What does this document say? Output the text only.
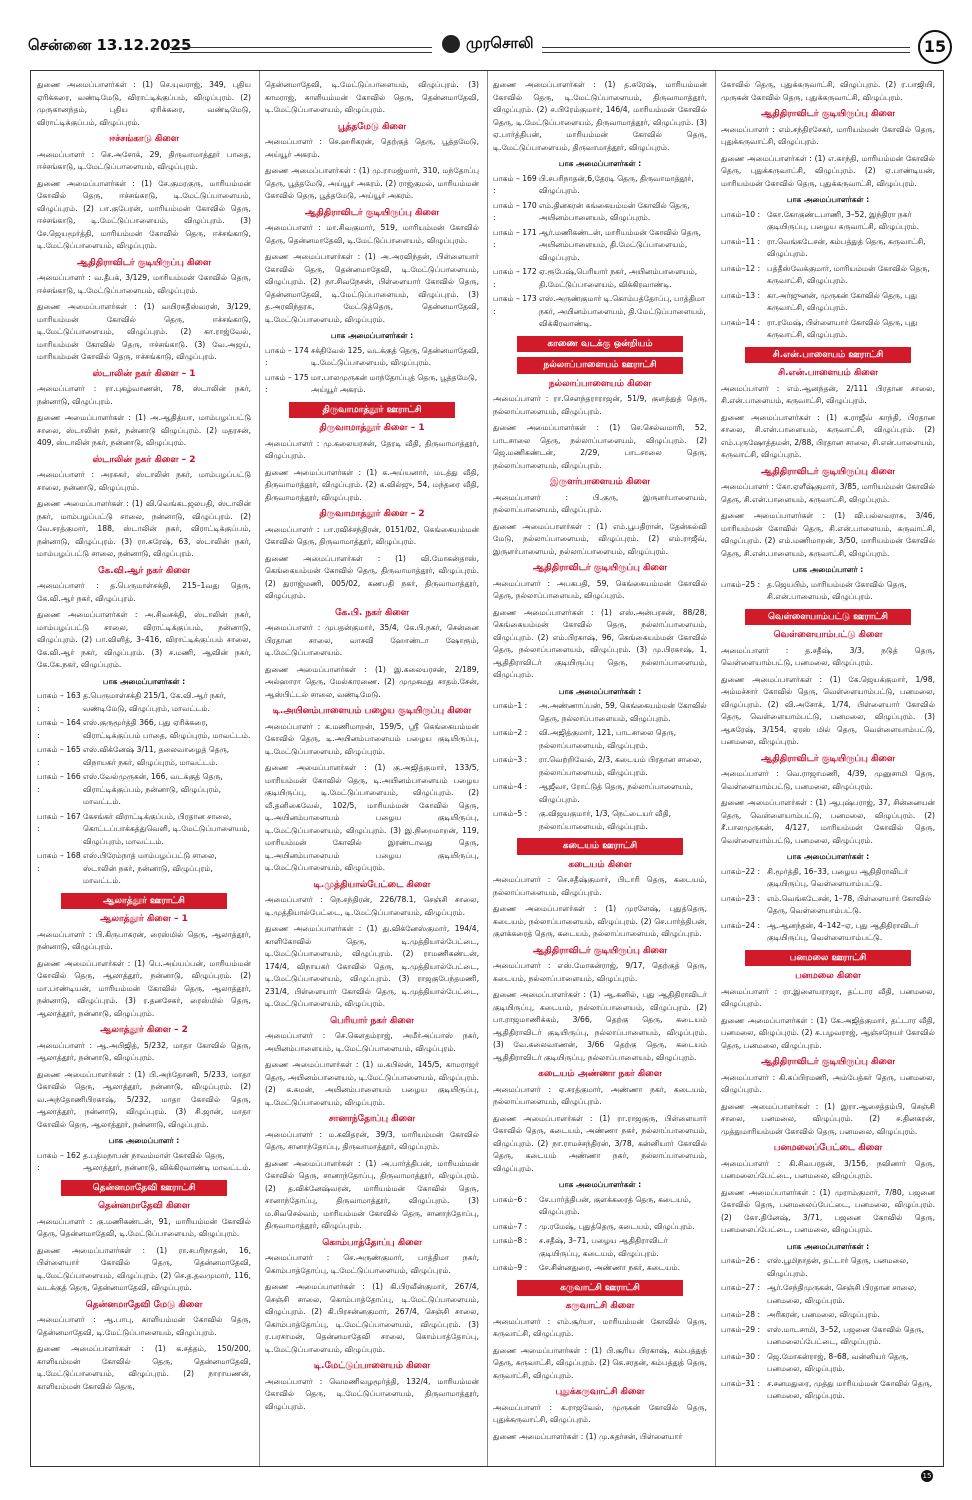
சென்னை 13.12.2025	முரசொலி	15

துணை அமைப்பாளர்கள் : (1) செ.யுவராஜ், 349, புதிய ஏரிக்கரை, வண்டிமேடு, விராட்டிக்குப்பம், விழுப்புரம். (2) முருகானந்தம், புதிய ஏரிக்கரை, வண்டிமேடு, விராட்டிக்குப்பம், விழுப்புரம்.

ஈச்சங்காடு கிளை

அமைப்பாளர் : செ.அசோக், 29, திருவாமாத்தூர் பாதை, ஈச்சங்காடு, டி.மேட்டுப்பாளையம், விழுப்புரம்.

துணை அமைப்பாளர்கள் : (1) சே.குமரகுரு, மாரியம்மன் கோவில் தெரு, ஈச்சங்காடு, டி.மேட்டுப்பாளையம், விழுப்புரம். (2) பா.குபேரன், மாரியம்மன் கோவில் தெரு, ஈச்சங்காடு, டி.மேட்டுப்பாளையம், விழுப்புரம். (3) சே.ஜெயமூர்த்தி, மாரியம்மன் கோவில் தெரு, ஈச்சங்காடு, டி.மேட்டுப்பாளையம், விழுப்புரம்.

ஆதிதிராவிடர் குடியிருப்பு கிளை

அமைப்பாளர் : வ.தீபக், 3/129, மாரியம்மன் கோவில் தெரு, ஈச்சங்காடு, டி.மேட்டுப்பாளையம், விழுப்புரம்.

துணை அமைப்பாளர்கள் : (1) வயிரசுதீஸ்வரன், 3/129, மாரியம்மன் கோவில் தெரு, ஈச்சங்காடு, டி.மேட்டுப்பாளையம், விழுப்புரம். (2) கா.ராஜ்வேல், மாரியம்மன் கோவில் தெரு, ஈச்சங்காடு. (3) வே.அஜய், மாரியம்மன் கோவில் தெரு, ஈச்சங்காடு, விழுப்புரம்.

ஸ்டாலின் நகர் கிளை – 1

அமைப்பாளர் : ரா.புகழ்வாணன், 78, ஸ்டாலின் நகர், நன்னாடு, விழுப்புரம்.

துணை அமைப்பாளர்கள் : (1) அ.ஆதித்யா, மாம்பழப்பட்டு சாலை, ஸ்டாலின் நகர், நன்னாடு விழுப்புரம். (2) மதரசன், 409, ஸ்டாலின் நகர், நன்னாடு, விழுப்புரம்.

ஸ்டாலின் நகர் கிளை – 2

அமைப்பாளர் : அரசுகர், ஸ்டாலின் நகர், மாம்பழப்பட்டு சாலை, நன்னாடு, விழுப்புரம்.

துணை அமைப்பாளர்கள் : (1) வி.வெங்கடஜலபதி, ஸ்டாலின் நகர், மாம்பழப்பட்டு சாலை, நன்னாடு, விழுப்புரம். (2) வே.சரத்குமார், 188, ஸ்டாலின் நகர், விராட்டிக்குப்பம், நன்னாடு, விழுப்புரம். (3) ரா.சுரேஷ், 63, ஸ்டாலின் நகர், மாம்பழப்பட்டு சாலை, நன்னாடு, விழுப்புரம்.

கே.வி.ஆர் நகர் கிளை

அமைப்பாளர் : த.பெருமாள்சக்தி, 215–1வது தெரு, கே.வி.ஆர் நகர், விழுப்புரம்.

துணை அமைப்பாளர்கள் : அ.சிவசக்தி, ஸ்டாலின் நகர், மாம்பழப்பட்டு சாலை, விராட்டிக்குப்பம், நன்னாடு, விழுப்புரம். (2) பா.விளித், 3–416, விராட்டிக்குப்பம் சாலை, கே.வி.ஆர் நகர், விழுப்புரம். (3) ச.மணி, ஆவின் நகர், கே.கே.நகர், விழுப்புரம்.

பாக அமைப்பாளர்கள் :
பாகம் – 163 :
த.பெருமாள்சக்தி 215/1, கே.வி.ஆர் நகர், வண்டிமேடு, விழுப்புரம், மாவட்டம்.
பாகம் – 164 :
எஸ்.குருமூர்த்தி 366, புது ஏரிக்கரை, விராட்டிக்குப்பம் பாதை, விழுப்புரம், மாவட்டம்.
பாகம் – 165 :
எஸ்.விக்னேஷ் 3/11, தலைவாழைத் தெரு, விநாயகர் நகர், விழுப்புரம், மாவட்டம்.
பாகம் – 166 :
எஸ்.வேல்முருகன், 166, வடக்குத் தெரு, விராட்டிக்குப்பம், நன்னாடு, விழுப்புரம், மாவட்டம்.
பாகம் – 167 :
கேசங்கர் விராட்டிக்குப்பம், பிரதான சாலை, கொட்டப்பாக்கத்துவெளி, டி.மேட்டுப்பாளையம், விழுப்புரம், மாவட்டம்.
பாகம் – 168 :
எஸ்.பிரேம்நாத் மாம்பழப்பட்டு சாலை, ஸ்டாலின் நகர், நன்னாடு, விழுப்புரம், மாவட்டம்.
ஆலாத்தூர் ஊராட்சி
ஆலாத்தூர் கிளை – 1

அமைப்பாளர் : பி.கிருபாகரன், ரைஸ்மில் தெரு, ஆலாத்தூர், நன்னாடு, விழுப்புரம்.

துணை அமைப்பாளர்கள் : (1) பெ.அய்யப்பன், மாரியம்மன் கோவில் தெரு, ஆலாத்தூர், நன்னாடு, விழுப்புரம். (2) மா.பாண்டியன், மாரியம்மன் கோவில் தெரு, ஆலாத்தூர், நன்னாடு, விழுப்புரம். (3) ர.தனசேகர், ரைஸ்மில் தெரு, ஆலாத்தூர், நன்னாடு, விழுப்புரம்.

ஆலாத்தூர் கிளை – 2

அமைப்பாளர் : ஆ.அபிஜித், 5/232, மாதா கோவில் தெரு, ஆலாத்தூர், நன்னாடு, விழுப்புரம்.

துணை அமைப்பாளர்கள் : (1) பி.அந்தோணி, 5/233, மாதா கோவில் தெரு, ஆலாத்தூர், நன்னாடு, விழுப்புரம். (2) வ.அந்தோணிபிரகாஷ், 5/232, மாதா கோவில் தெரு, ஆலாத்தூர், நன்னாடு, விழுப்புரம். (3) சி.ஜான், மாதா கோவில் தெரு, ஆலாத்தூர், நன்னாடு, விழுப்புரம்.

பாக அமைப்பாளர் :
பாகம் – 162 :
த.பத்மநாபன் நாவம்மாள் கோவில் தெரு, ஆலாத்தூர், நன்னாடு, விக்கிரவாண்டி மாவட்டம்.
தென்னமாதேவி ஊராட்சி
தென்னமாதேவி கிளை

அமைப்பாளர் : கு.மணிகண்டன், 91, மாரியம்மன் கோவில் தெரு, தென்னமாதேவி, டி.மேட்டுப்பாளையம், விழுப்புரம்.

துணை அமைப்பாளர்கள் : (1) ரா.சபரிநாதன், 16, பிள்ளையார் கோவில் தெரு, தென்னமாதேவி, டி.மேட்டுப்பாளையம், விழுப்புரம். (2) செ.த.தவமுமார், 116, வடக்குத் தெரு, தென்னமாதேவி, விழுப்புரம்.

தென்னமாதேவி மேடு கிளை

அமைப்பாளர் : ஆ.பாபு, காளியம்மன் கோவில் தெரு, தென்னமாதேவி, டி.மேட்டுப்பாளையம், விழுப்புரம்.

துணை அமைப்பாளர்கள் : (1) க.சத்தம், 150/200, காளியம்மன் கோவில் தெரு, தென்னமாதேவி, டி.மேட்டுப்பாளையம், விழுப்புரம். (2) நாராயணன், காளியம்மன் கோவில் தெரு,

தென்னமாதேவி, டி.மேட்டுப்பாளையம், விழுப்புரம். (3) காமராஜ், காளியம்மன் கோவில் தெரு, தென்னமாதேவி, டி.மேட்டுப்பாளையம், விழுப்புரம்.

பூத்தமேடு கிளை

அமைப்பாளர் : செ.ஹரிகரன், தெற்குத் தெரு, பூத்தமேடு, அய்யூர் அகரம்.

துணை அமைப்பாளர்கள் : (1) மு.ராமஜ்மார், 310, மந்தோப்பு தெரு, பூத்தமேடு, அய்யூர் அகரம். (2) ராஜ்குமல், மாரியம்மன் கோவில் தெரு, பூத்தமேடு, அய்யூர் அகரம்.

ஆதிதிராவிடர் குடியிருப்பு கிளை

அமைப்பாளர் : மா.சிவகுமார், 519, மாரியம்மன் கோவில் தெரு, தென்னமாதேவி, டி.மேட்டுப்பாளையம், விழுப்புரம்.

துணை அமைப்பாளர்கள் : (1) அ.அரவிந்தன், பிள்ளையார் கோவில் தெரு, தென்னமாதேவி, டி.மேட்டுப்பாளையம், விழுப்புரம். (2) நா.சிவநேசன், பிள்ளையார் கோவில் தெரு, தென்னமாதேவி, டி.மேட்டுப்பாளையம், விழுப்புரம். (3) த.அரவிந்தரசு, மேட்டுத்தெரு, தென்னமாதேவி, டி.மேட்டுப்பாளையம், விழுப்புரம்.

பாக அமைப்பாளர்கள் :
பாகம் – 174 :
சக்திவேல் 125, வடக்குத் தெரு, தென்னமாதேவி, டி.மேட்டுப்பாளையம், விழுப்புரம்.
பாகம் – 175 :
மா.பாலமுருகன் மாந்தோப்புத் தெரு, பூத்தமேடு, அய்யூர் அகரம்.
திருவாமாத்தூர் ஊராட்சி
திருவாமாத்தூர் கிளை – 1

அமைப்பாளர் : மு.கலையரசன், தேரடி வீதி, திருவாமாத்தூர், விழுப்புரம்.

துணை அமைப்பாளர்கள் : (1) க.அய்யனார், மடத்து வீதி, திருவாமாத்தூர், விழுப்புரம். (2) க.வில்ஜு, 54, மந்தரை வீதி, திருவாமாத்தூர், விழுப்புரம்.

திருவாமாத்தூர் கிளை – 2

அமைப்பாளர் : பா.ரவிச்சந்திரன், 0151/02, கெங்கையம்மன் கோவில் தெரு, திருவாமாத்தூர், விழுப்புரம்.

துணை அமைப்பாளர்கள் : (1) வி.மோகன்தாஸ், கெங்கையம்மன் கோவில் தெரு, திருவாமாத்தூர், விழுப்புரம். (2) துராஜ்மணி, 005/02, கணபதி நகர், திருவாமாத்தூர், விழுப்புரம்.

கே.பி. நகர் கிளை

அமைப்பாளர் : முபதன்குமார், 35/4, கே.பி.நகர், சென்னை பிரதான சாலை, வாசவி ஹோண்டா ஷோரூம், டி.மேட்டுப்பாளையம்.

துணை அமைப்பாளர்கள் : (1) இ.கலையரசன், 2/189, அல்ஹாரா தெரு, மேல்காரணை. (2) முமுகமது சாதம்.சேன், ஆஸ்பிட்டல் சாலை, வண்டிமேடு.

டி.அயினம்பாளையம் பழைய குடியிருப்பு கிளை

அமைப்பாளர் : க.மணிமாறன், 159/5, ஸ்ரீ கெங்கையம்மன் கோவில் தெரு, டி.அயினம்பாளையம் பழைய குடியிருப்பு, டி.மேட்டுப்பாளையம், விழுப்புரம்.

துணை அமைப்பாளர்கள் : (1) கு.அஜித்குமார், 133/5, மாரியம்மன் கோவில் தெரு, டி.அயினம்பாளையம் பழைய குடியிருப்பு, டி.மேட்டுப்பாளையம், விழுப்புரம். (2) வீ.தனிகைவேல், 102/5, மாரியம்மன் கோவில் தெரு, டி.அயினம்பாளையம் பழைய குடியிருப்பு, டி.மேட்டுப்பாளையம், விழுப்புரம். (3) இ.நிறைமாறன், 119, மாரியம்மன் கோவில் இரண்டாவது தெரு, டி.அயினம்பாளையம் பழைய குடியிருப்பு, டி.மேட்டுப்பாளையம், விழுப்புரம்.

டி.முத்தியால்பேட்டை கிளை

அமைப்பாளர் : நெ.சந்திரன், 226/78.1, செஞ்சி சாலை, டி.முத்தியால்பேட்டை, டி.மேட்டுப்பாளையம், விழுப்புரம்.

துணை அமைப்பாளர்கள் : (1) து.விக்னேஸ்குமார், 194/4, காளிகோவில் தெரு, டி.முத்தியால்பேட்டை, டி.மேட்டுப்பாளையம், விழுப்புரம். (2) ராமணிகண்டன், 174/4, விநாயகர் கோவில் தெரு, டி.முத்தியால்பேட்டை, டி.மேட்டுப்பாளையம், விழுப்புரம். (3) ராஜகுபேந்தமணி, 231/4, பிள்ளையார் கோவில் தெரு, டி.முத்தியால்பேட்டை, டி.மேட்டுப்பாளையம், விழுப்புரம்.

பெரியார் நகர் கிளை

அமைப்பாளர் : செ.கௌதம்ராஜ், அமீர்அப்பாஸ் நகர், அயினம்பாளையம், டி.மேட்டுப்பாளையம், விழுப்புரம்.

துணை அமைப்பாளர்கள் : (1) ம.கபிலன், 145/5, காமராஜர் தெரு, அயினம்பாளையம், டி.மேட்டுப்பாளையம், விழுப்புரம். (2) க.சுமன், அயினம்பாளையம் பழைய குடியிருப்பு, டி.மேட்டுப்பாளையம், விழுப்புரம்.

சானாந்தோப்பு கிளை

அமைப்பாளர் : ம.கவிதரன், 39/3, மாரியம்மன் கோவில் தெரு, சானாந்தோப்பு, திருவாமாத்தூர், விழுப்புரம்.

துணை அமைப்பாளர்கள் : (1) அ.பார்த்திபன், மாரியம்மன் கோவில் தெரு, சானாந்தோப்பு, திருவாமாத்தூர், விழுப்புரம். (2) த.விக்னேஷ்வரன், மாரியம்மன் கோவில் தெரு, சானாந்தோப்பு, திருவாமாத்தூர், விழுப்புரம். (3) ம.சிவசெல்வம், மாரியம்மன் கோவில் தெரு, சானாந்தோப்பு, திருவாமாத்தூர், விழுப்புரம்.

கொம்பாத்தோப்பு கிளை

அமைப்பாளர் : செ.அருண்குமார், பாத்திமா நகர், கொம்பாத்தோப்பு, டி.மேட்டுப்பாளையம், விழுப்புரம்.

துணை அமைப்பாளர்கள் : (1) கி.பிரவீன்குமார், 267/4, செஞ்சி சாலை, கொம்பாத்தோப்பு, டி.மேட்டுப்பாளையம், விழுப்புரம். (2) கி.பிரசன்னகுமார், 267/4, செஞ்சி சாலை, கொம்பாத்தோப்பு, டி.மேட்டுப்பாளையம், விழுப்புரம். (3) ர.பரசாமன், தென்னமாதேவி சாலை, கொம்பாத்தோப்பு, டி.மேட்டுப்பாளையம், விழுப்புரம்.

டி.மேட்டுப்பாளையம் கிளை

அமைப்பாளர் : வெமணிவழமூர்த்தி, 132/4, மாரியம்மன் கோவில் தெரு, டி.மேட்டுப்பாளையம், திருவாமாத்தூர், விழுப்புரம்.

துணை அமைப்பாளர்கள் : (1) த.சுரேஷ், மாரியம்மன் கோவில் தெரு, டி.மேட்டுப்பாளையம், திருவாமாத்தூர், விழுப்புரம். (2) ச.பிரேம்குமார், 146/4, மாரியம்மன் கோவில் தெரு, டி.மேட்டுப்பாளையம், திருவாமாத்தூர், விழுப்புரம். (3) ஏ.பார்த்திபன், மாரியம்மன் கோவில் தெரு, டி.மேட்டுப்பாளையம், திருவாமாத்தூர், விழுப்புரம்.

பாக அமைப்பாளர்கள் :
பாகம் – 169 :
பி.சபரிநாதன்,6,தேரடி தெரு, திருவாமாத்தூர், விழுப்புரம்.
பாகம் – 170 :
எம்.தினகரன் கங்கையம்மன் கோவில் தெரு, அயினம்பாளையம், விழுப்புரம்.
பாகம் – 171 :
ஆர்.மணிகண்டன், மாரியம்மன் கோவில் தெரு, அயினம்பாளையம், தி.மேட்டுப்பாளையம், விழுப்புரம்.
பாகம் – 172 :
ஏ.ரூபேஷ்,பெரியார் நகர், அயினம்பாளையம், தி.மேட்டுப்பாளையம், விக்கிரவாண்டி.
பாகம் – 173 :
எஸ்.அருண்குமார் டி.கொம்பத்தோப்பு, பாத்திமா நகர், அயினம்பாளையம், தி.மேட்டுப்பாளையம், விக்கிரவாண்டி.
காணை வடக்கு ஒன்றியம்
நல்லாப்பாளையம் ஊராட்சி
நல்லாப்பாளையம் கிளை

அமைப்பாளர் : ரா.சௌந்தராராஜன், 51/9, குளத்துத் தெரு, நல்லாப்பாளையம், விழுப்புரம்.

துணை அமைப்பாளர்கள் : (1) செ.செல்வமாரி, 52, பாடசாலை தெரு, நல்லாப்பாளையம், விழுப்புரம். (2) ஜெ.மணிகண்டன், 2/29, பாடசாலை தெரு, நல்லாப்பாளையம், விழுப்புரம்.

இருளர்பாளையம் கிளை

அமைப்பாளர் : பி.குரு, இருளர்பாளையம், நல்லாப்பாளையம், விழுப்புரம்.

துணை அமைப்பாளர்கள் : (1) எம்.பூபதிரான், தேன்கல்வி மேடு, நல்லாப்பாளையம், விழுப்புரம். (2) எம்.ராஜீவ், இருளர்பாளையம், நல்லாப்பாளையம், விழுப்புரம்.

ஆதிதிராவிடர் குடியிருப்பு கிளை

அமைப்பாளர் : அபகபதி, 59, கெங்கையம்மன் கோவில் தெரு, நல்லாப்பாளையம், விழுப்புரம்.

துணை அமைப்பாளர்கள் : (1) எஸ்.அன்பரசன், 88/28, கெங்கையம்மன் கோவில் தெரு, நல்லாப்பாளையம், விழுப்புரம். (2) எம்.பிரகாஷ், 96, கெங்கையம்மன் கோவில் தெரு, நல்லாப்பாளையம், விழுப்புரம். (3) மு.பிரகாஷ், 1, ஆதிதிராவிடர் குடியிருப்பு தெரு, நல்லாப்பாளையம், விழுப்புரம்.

பாக அமைப்பாளர்கள் :
பாகம்–1 :	அ.அண்ணாப்பன், 59, கெங்கையம்மன் கோவில் தெரு, நல்லாப்பாளையம், விழுப்புரம்.
பாகம்–2 :	வி.அஜித்குமார், 121, பாடசாலை தெரு, நல்லாப்பாளையம், விழுப்புரம்.
பாகம்–3 :	ரா.வெற்றிவேல், 2/3, கடையம் பிரதான சாலை, நல்லாப்பாளையம், விழுப்புரம்.
பாகம்–4 :	ஆஜீவா, ரோட்டுத் தெரு, நல்லாப்பாளையம், விழுப்புரம்.
பாகம்–5 :	கு.விஜயகுமார், 1/3, நெட்டையர் வீதி, நல்லாப்பாளையம், விழுப்புரம்.
கடையம் ஊராட்சி
கடையம் கிளை

அமைப்பாளர் : செ.சதீஷ்குமார், பிடாரி தெரு, கடையம், நல்லாப்பாளையம், விழுப்புரம்.

துணை அமைப்பாளர்கள் : (1) முரளேஷ், புதுத்தெரு, கடையம், நல்லாப்பாளையம், விழுப்புரம். (2) செ.பார்த்திபன், குளக்கரைத் தெரு, கடையம், நல்லாப்பாளையம், விழுப்புரம்.

ஆதிதிராவிடர் குடியிருப்பு கிளை

அமைப்பாளர் : எஸ்.மோகன்ராஜ், 9/17, தெற்குத் தெரு, கடையம், நல்லாப்பாளையம், விழுப்புரம்.

துணை அமைப்பாளர்கள் : (1) ஆ.கனில், புது ஆதிதிராவிடர் குடியிருப்பு, கடையம், நல்லாப்பாளையம், விழுப்புரம். (2) பா.ராஜமாணிக்கம், 3/66, தெற்கு தெரு, கடையம் ஆதிதிராவிடர் குடியிருப்பு, நல்லாப்பாளையம், விழுப்புரம். (3) வே.கலைவாணன், 3/66 தெற்கு தெரு, கடையம் ஆதிதிராவிடர் குடியிருப்பு, நல்லாப்பாளையம், விழுப்புரம்.

கடையம் அண்ணா நகர் கிளை

அமைப்பாளர் : ஏ.சரத்குமார், அண்ணா நகர், கடையம், நல்லாப்பாளையம், விழுப்புரம்.

துணை அமைப்பாளர்கள் : (1) ரா.ராஜகுரு, பிள்ளையார் கோவில் தெரு, கடையம், அண்ணா நகர், நல்லாப்பாளையம், விழுப்புரம். (2) நா.ராமச்சந்திரன், 3/78, கன்னியார் கோவில் தெரு, கடையம் அண்ணா நகர், நல்லாப்பாளையம், விழுப்புரம்.

பாக அமைப்பாளர்கள் :
பாகம்–6 :	சே.பார்த்திபன், குளக்கரைத் தெரு, கடையம், விழுப்புரம்.
பாகம்–7 :	மு.ரமேஷ், புதுத்தெரு, கடையம், விழுப்புரம்.
பாகம்–8 :	ச.சதீஷ், 3–71, பழைய ஆதிதிராவிடர் குடியிருப்பு, கடையம், விழுப்புரம்.
பாகம்–9 :	சே.சின்னதுரை, அண்ணா நகர், கடையம்.
கருவாட்சி ஊராட்சி
கருவாட்சி கிளை

அமைப்பாளர் : எம்.சூர்யா, மாரியம்மன் கோவில் தெரு, கருவாட்சி, விழுப்புரம்.

துணை அமைப்பாளர்கள் : (1) பி.சூரிய பிரகாஷ், கம்பத்துத் தெரு, கருவாட்சி, விழுப்புரம். (2) கெ.சரதன், கம்பத்துத் தெரு, கருவாட்சி, விழுப்புரம்.

புதுக்கருவாட்சி கிளை

அமைப்பாளர் : க.ராஜவேல், முருகன் கோவில் தெரு, புதுக்கருவாட்சி, விழுப்புரம்.

துணை அமைப்பாளர்கள் : (1) மு.சுதர்சன், பிள்ளையார்

கோவில் தெரு, புதுக்கருவாட்சி, விழுப்புரம். (2) ர.பாஜியி, முருகன் கோவில் தெரு, புதுக்கருவாட்சி, விழுப்புரம்.

ஆதிதிராவிடர் குடியிருப்பு கிளை

அமைப்பாளர் : எம்.சந்திரசேகர், மாரியம்மன் கோவில் தெரு, புதுக்கருவாட்சி, விழுப்புரம்.

துணை அமைப்பாளர்கள் : (1) எ.காந்தி, மாரியம்மன் கோவில் தெரு, புதுக்கருவாட்சி, விழுப்புரம். (2) ஏ.பாண்டியன், மாரியம்மன் கோவில் தெரு, புதுக்கருவாட்சி, விழுப்புரம்.

பாக அமைப்பாளர்கள் :
பாகம்–10 : கோ.கோகுண்டபாணி, 3–52, இந்திரா நகர் குடியிருப்பு, பழைய கருவாட்சி, விழுப்புரம்.
பாகம்–11 : ரா.வெங்கடேசன், கம்பத்துத் தெரு, கருவாட்சி, விழுப்புரம்.
பாகம்–12 : பத்தீஸ்வேக்குமார், மாரியம்மன் கோவில் தெரு, கருவாட்சி, விழுப்புரம்.
பாகம்–13 : கா.அர்ஜுனன், முருகன் கோவில் தெரு, புது கருவாட்சி, விழுப்புரம்.
பாகம்–14 : ரா.ரமேஷ், பிள்ளையார் கோவில் தெரு, புது கருவாட்சி, விழுப்புரம்.
சி.என்.பாளையம் ஊராட்சி
சி.என்.பாளையம் கிளை

அமைப்பாளர் : எம்.ஆனந்தன், 2/111 பிரதான சாலை, சி.என்.பாளையம், கருவாட்சி, விழுப்புரம்.

துணை அமைப்பாளர்கள் : (1) க.ராஜீவ் காந்தி, பிரதான சாலை, சி.என்.பாளையம், கருவாட்சி, விழுப்புரம். (2) எம்.புருஷோத்தமன், 2/88, பிரதான சாலை, சி.என்.பாளையம், கருவாட்சி, விழுப்புரம்.

ஆதிதிராவிடர் குடியிருப்பு கிளை

அமைப்பாளர் : கோ.ஏளீஷ்குமார், 3/85, மாரியம்மன் கோவில் தெரு, சி.என்.பாளையம், கருவாட்சி, விழுப்புரம்.

துணை அமைப்பாளர்கள் : (1) வி.பல்லவராசு, 3/46, மாரியம்மன் கோவில் தெரு, சி.என்.பாளையம், கருவாட்சி, விழுப்புரம். (2) எம்.மணிமாறன், 3/50, மாரியம்மன் கோவில் தெரு, சி.என்.பாளையம், கருவாட்சி, விழுப்புரம்.

பாக அமைப்பாளர் :
பாகம்–25 : த.ஜெயபிம், மாரியம்மன் கோவில் தெரு, சி.என்.பாளையம், விழுப்புரம்.
வெள்ளையாம்பட்டு ஊராட்சி
வெள்ளையாம்பட்டு கிளை

அமைப்பாளர் : த.சதீஷ், 3/3, நடுத் தெரு, வெள்ளையாம்பட்டு, பனமலை, விழுப்புரம்.

துணை அமைப்பாளர்கள் : (1) கே.ஜெயக்குமார், 1/98, அம்மச்சார் கோவில் தெரு, வெள்ளையாம்பட்டு, பனமலை, விழுப்புரம். (2) வி.அசோக், 1/74, பிள்ளையார் கோவில் தெரு, வெள்ளையாம்பட்டு, பனமலை, விழுப்புரம். (3) ஆசுரேஷ், 3/154, ஏரஸ் மில் தெரு, வெள்ளையாம்பட்டு, பனமலை, விழுப்புரம்.

ஆதிதிராவிடர் குடியிருப்பு கிளை

அமைப்பாளர் : வெ.ராஜாமணி, 4/39, முனுசாமி தெரு, வெள்ளையாம்பட்டு, பனமலை, விழுப்புரம்.

துணை அமைப்பாளர்கள் : (1) ஆபுஷ்பராஜ், 37, சின்னையன் தெரு, வெள்ளையாம்பட்டு, பனமலை, விழுப்புரம். (2) சீ.பாலமுருகன், 4/127, மாரியம்மன் கோவில் தெரு, வெள்ளையாம்பட்டு, பனமலை, விழுப்புரம்.

பாக அமைப்பாளர்கள் :
பாகம்–22 : சி.மூர்த்தி, 16–33, பழைய ஆதிதிராவிடர் குடியிருப்பு, வெள்ளையாம்பட்டு.
பாகம்–23 : எம்.வெங்கடேசன், 1–78, பிள்ளையார் கோவில் தெரு, வெள்ளையாம்பட்டு.
பாகம்–24 : ஆ.ஆனந்தன், 4–142–ஏ, புது ஆதிதிராவிடர் குடியிருப்பு, வெள்ளையாம்பட்டு.
பனமலை ஊராட்சி
பனமலை கிளை

அமைப்பாளர் : ரா.இளையராஜா, தட்டார வீதி, பனமலை, விழுப்புரம்.

துணை அமைப்பாளர்கள் : (1) கே.அஜித்குமார், தட்டார வீதி, பனமலை, விழுப்புரம். (2) சு.பழவராஜ், ஆஞ்சநேயர் கோவில் தெரு, பனமலை, விழுப்புரம்.

ஆதிதிராவிடர் குடியிருப்பு கிளை

அமைப்பாளர் : கி.கப்பிரமணி, அம்பேத்கர் தெரு, பனமலை, விழுப்புரம்.

துணை அமைப்பாளர்கள் : (1) இரா.ஆசைத்தம்பி, செஞ்சி சாலை, பனமலை, விழுப்புரம். (2) ச.தினகரன், முத்துமாரியம்மன் கோவில் தெரு, பனமலை, விழுப்புரம்.

பனமலைப்பேட்டை கிளை

அமைப்பாளர் : கி.சிவபரதன், 3/156, நவினார் தெரு, பனமலைப்பேட்டை, பனமலை, விழுப்புரம்.

துணை அமைப்பாளர்கள் : (1) முராம்குமார், 7/80, பஜனை கோவில் தெரு, பனமலைப்பேட்டை, பனமலை, விழுப்புரம். (2) கோ.தினேஷ், 3/71, பஜனை கோவில் தெரு, பனமலைப்பேட்டை, பனமலை, விழுப்புரம்.

பாக அமைப்பாளர்கள் :
பாகம்–26 : எஸ்.பூமிநாதன், தட்டார் தெரு, பனமலை, விழுப்புரம்.
பாகம்–27 : ஆர்.சேந்திமுருகன், செஞ்சி பிரதான சாலை, பனமலை, விழுப்புரம்.
பாகம்–28 : அரிகரன், பனமலை, விழுப்புரம்.
பாகம்–29 : எஸ்.மாடசாமி, 3–52, பஜனை கோவில் தெரு, பனமலைப்பேட்டை, விழுப்புரம்.
பாகம்–30 : ஜெ.மோகன்ராஜ், 8–68, வன்னியர் தெரு, பனமலை, விழுப்புரம்.
பாகம்–31 : ச.சனமதுரை, முத்து மாரியம்மன் கோவில் தெரு, பனமலை, விழுப்புரம்.
15
